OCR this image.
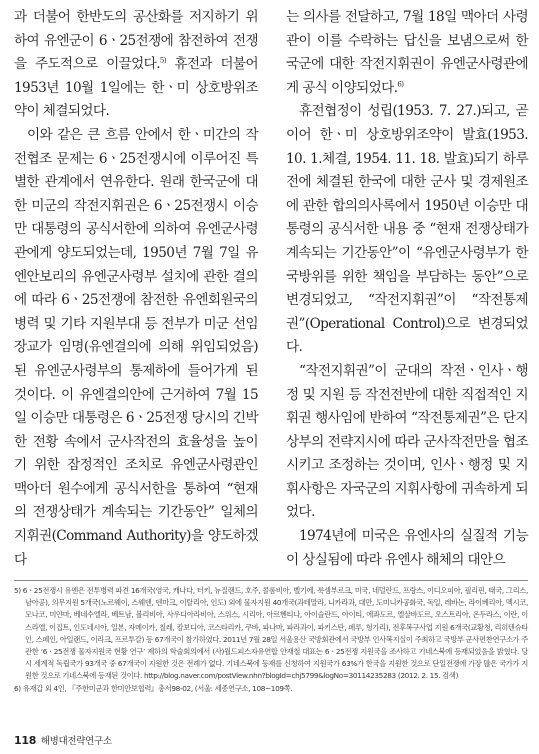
과 더불어 한반도의 공산화를 저지하기 위하여 유엔군이 6ㆍ25전쟁에 참전하여 전쟁을 주도적으로 이끌었다.$^{5)}$ 휴전과 더불어 1953년 10월 1일에는 한ㆍ미 상호방위조약이 체결되었다.

이와 같은 큰 흐름 안에서 한ㆍ미간의 작전협조 문제는 6ㆍ25전쟁시에 이루어진 특별한 관계에서 연유한다. 원래 한국군에 대한 미군의 작전지휘권은 6ㆍ25전쟁시 이승만 대통령의 공식서한에 의하여 유엔군사령관에게 양도되었는데, 1950년 7월 7일 유엔안보리의 유엔군사령부 설치에 관한 결의에 따라 6ㆍ25전쟁에 참전한 유엔회원국의 병력 및 기타 지원부대 등 전부가 미군 선임장교가 임명(유엔결의에 의해 위임되었음)된 유엔군사령부의 통제하에 들어가게 된 것이다. 이 유엔결의안에 근거하여 7월 15일 이승만 대통령은 6ㆍ25전쟁 당시의 긴박한 전황 속에서 군사작전의 효율성을 높이기 위한 잠정적인 조치로 유엔군사령관인 맥아더 원수에게 공식서한을 통하여 “현재의 전쟁상태가 계속되는 기간동안” 일체의 지휘권(Command Authority)을 양도하겠다

는 의사를 전달하고, 7월 18일 맥아더 사령관이 이를 수락하는 답신을 보냄으로써 한국군에 대한 작전지휘권이 유엔군사령관에게 공식 이양되었다.$^{6)}$

휴전협정이 성립(1953. 7. 27.)되고, 곧이어 한ㆍ미 상호방위조약이 발효(1953. 10. 1.체결, 1954. 11. 18. 발효)되기 하루 전에 체결된 한국에 대한 군사 및 경제원조에 관한 합의의사록에서 1950년 이승만 대통령의 공식서한 내용 중 “현재 전쟁상태가 계속되는 기간동안”이 “유엔군사령부가 한국방위를 위한 책임을 부담하는 동안”으로 변경되었고, “작전지휘권”이 “작전통제권”(Operational Control)으로 변경되었다.

“작전지휘권”이 군대의 작전ㆍ인사ㆍ행정 및 지원 등 작전전반에 대한 직접적인 지휘권 행사임에 반하여 “작전통제권”은 단지 상부의 전략지시에 따라 군사작전만을 협조시키고 조정하는 것이며, 인사ㆍ행정 및 지휘사항은 자국군의 지휘사항에 귀속하게 되었다.

1974년에 미국은 유엔사의 실질적 기능이 상실됨에 따라 유엔사 해체의 대안으

5) 6ㆍ25전쟁시 유엔은 전투병력 파견 16개국(영국, 캐나다, 터키, 뉴질랜드, 호주, 콜롬비아, 벨기에, 룩셈부르크, 미국, 네덜란드, 프랑스, 이디오피아, 필리핀, 태국, 그리스, 남아공), 의무지원 5개국(노르웨이, 스웨덴, 덴마크, 이탈리아, 인도) 외에 물자지원 40개국(과테말라, 니카라과, 대만, 도미니카공화국, 독일, 레바논, 라이베리아, 멕시코, 모나코, 미얀마, 베네수엘라, 베트남, 볼리비아, 사우디아라비아, 스위스, 시리아, 아르헨티나, 아이슬란드, 아이티, 에콰도르, 엘살바도르, 오스트리아, 온두라스, 이란, 이스라엘, 이집트, 인도네시아, 일본, 자메이카, 칠레, 캄보디아, 코스타리카, 쿠바, 파나마, 파라과이, 파키스탄, 페루, 헝가리), 전후복구사업 지원 6개국(교황청, 리히텐슈타인, 스페인, 아일랜드, 이라크, 프르투갈) 등 67개국이 참가하였다. 2011년 7월 28일 서울용산 국방회관에서 국방부 인사복지실이 주최하고 국방부 군사편찬연구소가 주관한 ‘6ㆍ25전쟁 물자지원국 현황 연구’ 제하의 학술회의에서 (사)월드피스자유연합 안재철 대표는 6ㆍ25전쟁 지원국을 조사하고 기네스북에 등재되었음을 밝혔다. 당시 세계적 독립국가 93개국 중 67개국이 지원한 것은 전례가 없다. 기네스북에 등재를 신청하여 지원국가 63%가 한국을 지원한 것으로 단일전쟁에 가장 많은 국가가 지원한 것으로 기네스북에 등재된 것이다. http://blog.naver.com/postView.nhn?blogId=chj5799&logNo=30114235283 (2012. 2. 15. 검색)

6) 유재갑 외 4인, 『주한미군과 한미안보협력』총서98-02, (서울: 세종연구소, 108~109쪽.

118 해병대전략연구소
